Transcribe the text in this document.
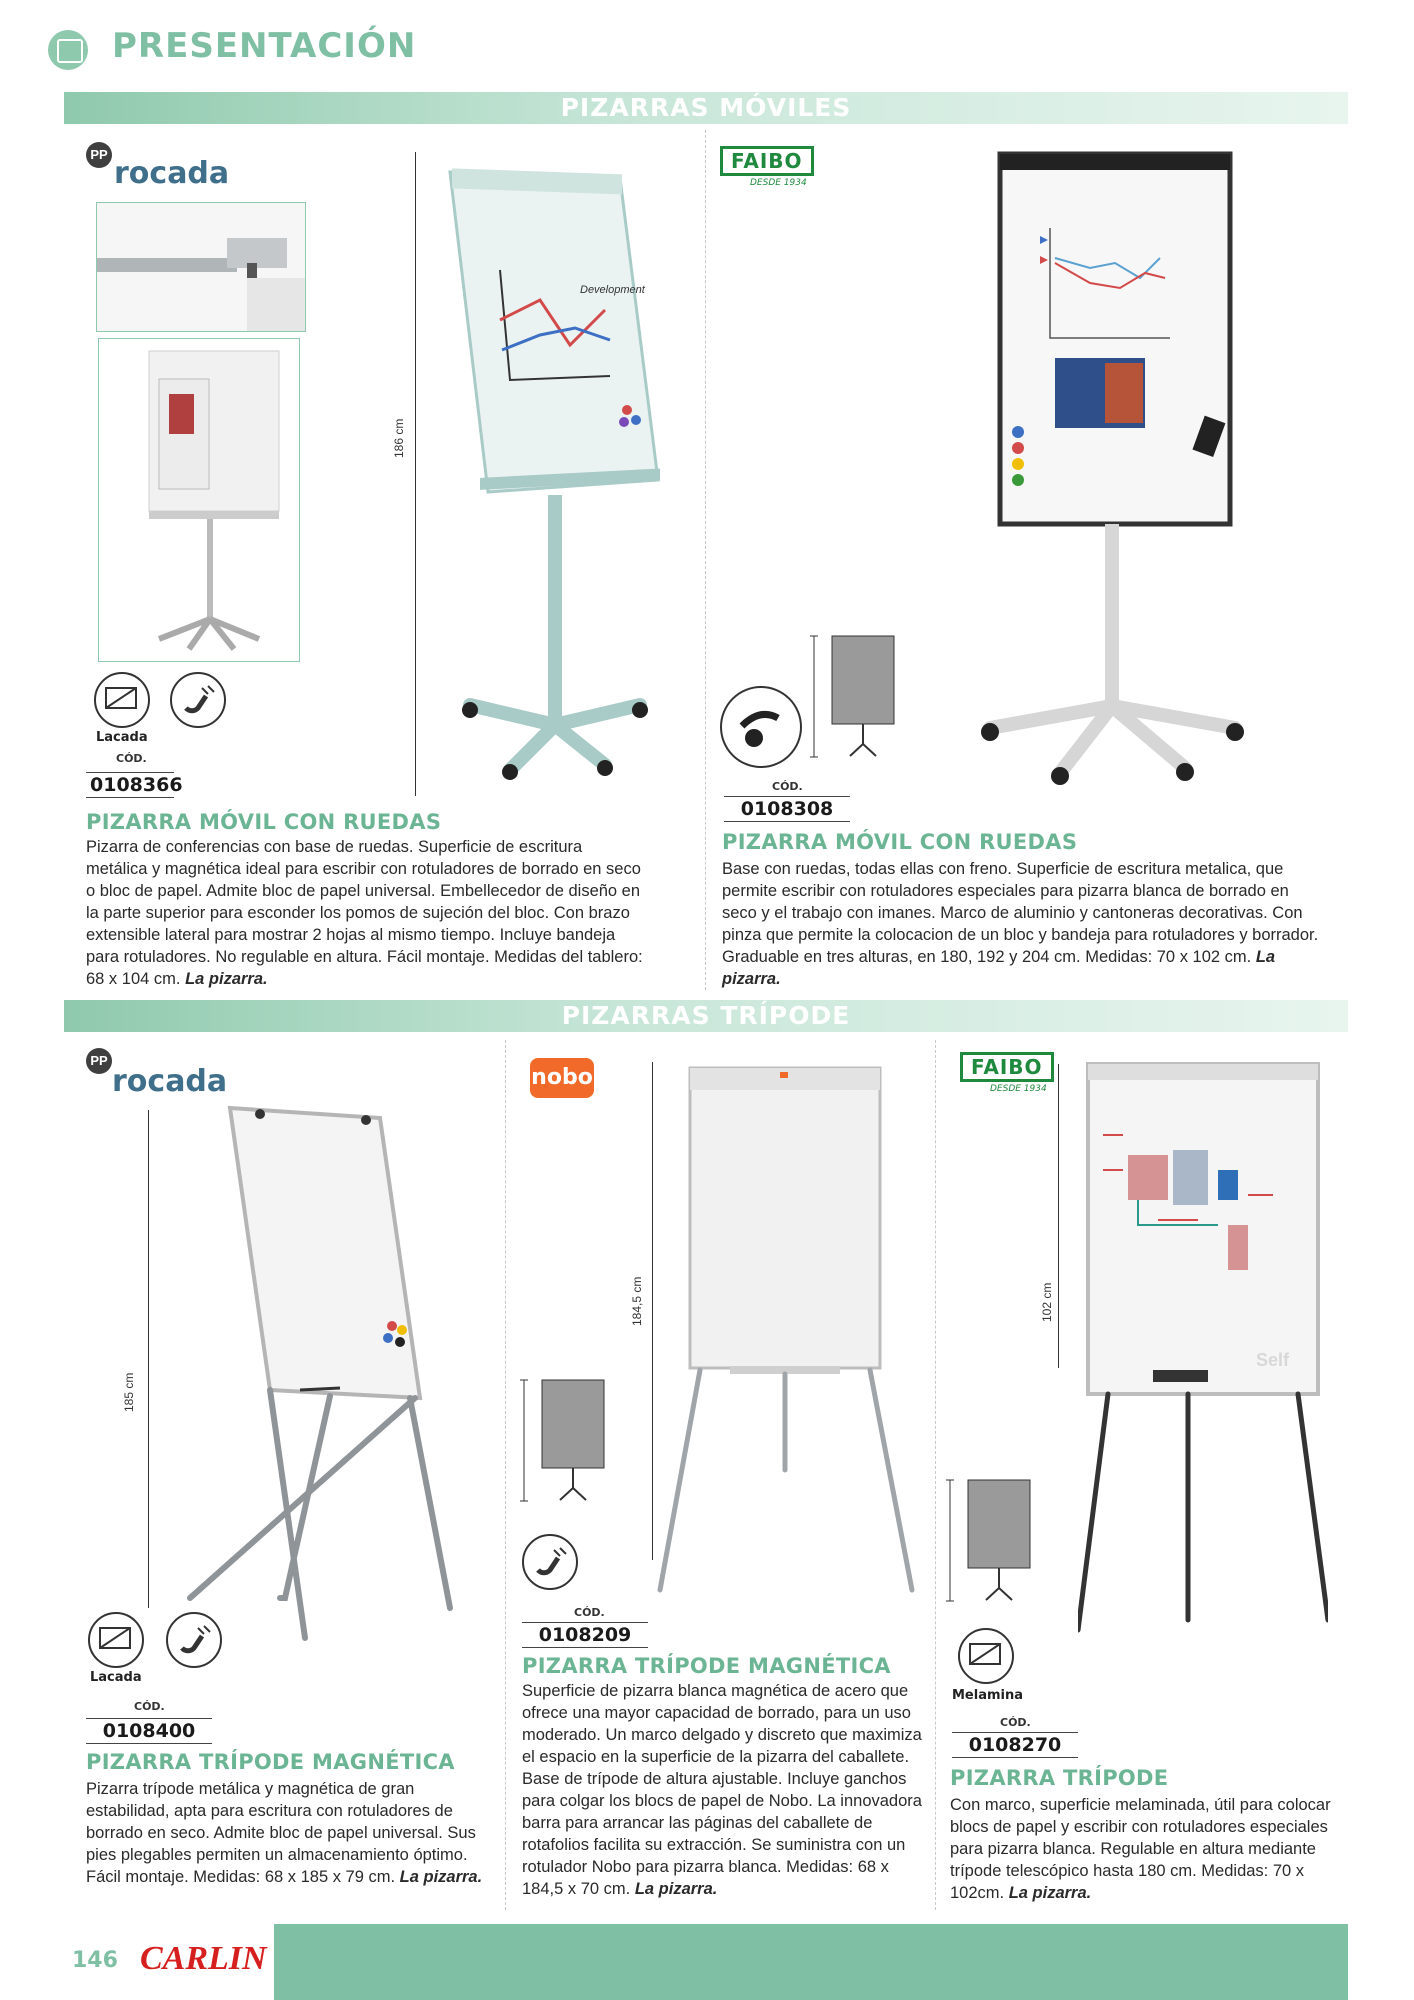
PRESENTACIÓN
PIZARRAS MÓVILES
PP
rocada
Lacada
CÓD.
0108366
186 cm
Development
PIZARRA MÓVIL CON RUEDAS
Pizarra de conferencias con base de ruedas. Superficie de escritura metálica y magnética ideal para escribir con rotuladores de borrado en seco o bloc de papel. Admite bloc de papel universal. Embellecedor de diseño en la parte superior para esconder los pomos de sujeción del bloc. Con brazo extensible lateral para mostrar 2 hojas al mismo tiempo. Incluye bandeja para rotuladores. No regulable en altura. Fácil montaje. Medidas del tablero: 68 x 104 cm. La pizarra.
FAIBO
DESDE 1934
CÓD.
0108308
PIZARRA MÓVIL CON RUEDAS
Base con ruedas, todas ellas con freno. Superficie de escritura metalica, que permite escribir con rotuladores especiales para pizarra blanca de borrado en seco y el trabajo con imanes. Marco de aluminio y cantoneras decorativas. Con pinza que permite la colocacion de un bloc y bandeja para rotuladores y borrador. Graduable en tres alturas, en 180, 192 y 204 cm. Medidas: 70 x 102 cm. La pizarra.
PIZARRAS TRÍPODE
PP
rocada
185 cm
Lacada
CÓD.
0108400
PIZARRA TRÍPODE MAGNÉTICA
Pizarra trípode metálica y magnética de gran estabilidad, apta para escritura con rotuladores de borrado en seco. Admite bloc de papel universal. Sus pies plegables permiten un almacenamiento óptimo. Fácil montaje. Medidas: 68 x 185 x 79 cm. La pizarra.
nobo
184,5 cm
CÓD.
0108209
PIZARRA TRÍPODE MAGNÉTICA
Superficie de pizarra blanca magnética de acero que ofrece una mayor capacidad de borrado, para un uso moderado. Un marco delgado y discreto que maximiza el espacio en la superficie de la pizarra del caballete. Base de trípode de altura ajustable. Incluye ganchos para colgar los blocs de papel de Nobo. La innovadora barra para arrancar las páginas del caballete de rotafolios facilita su extracción. Se suministra con un rotulador Nobo para pizarra blanca. Medidas: 68 x 184,5 x 70 cm. La pizarra.
FAIBO
DESDE 1934
102 cm
Self
Melamina
CÓD.
0108270
PIZARRA TRÍPODE
Con marco, superficie melaminada, útil para colocar blocs de papel y escribir con rotuladores especiales para pizarra blanca. Regulable en altura mediante trípode telescópico hasta 180 cm. Medidas: 70 x 102cm. La pizarra.
146 CARLIN
